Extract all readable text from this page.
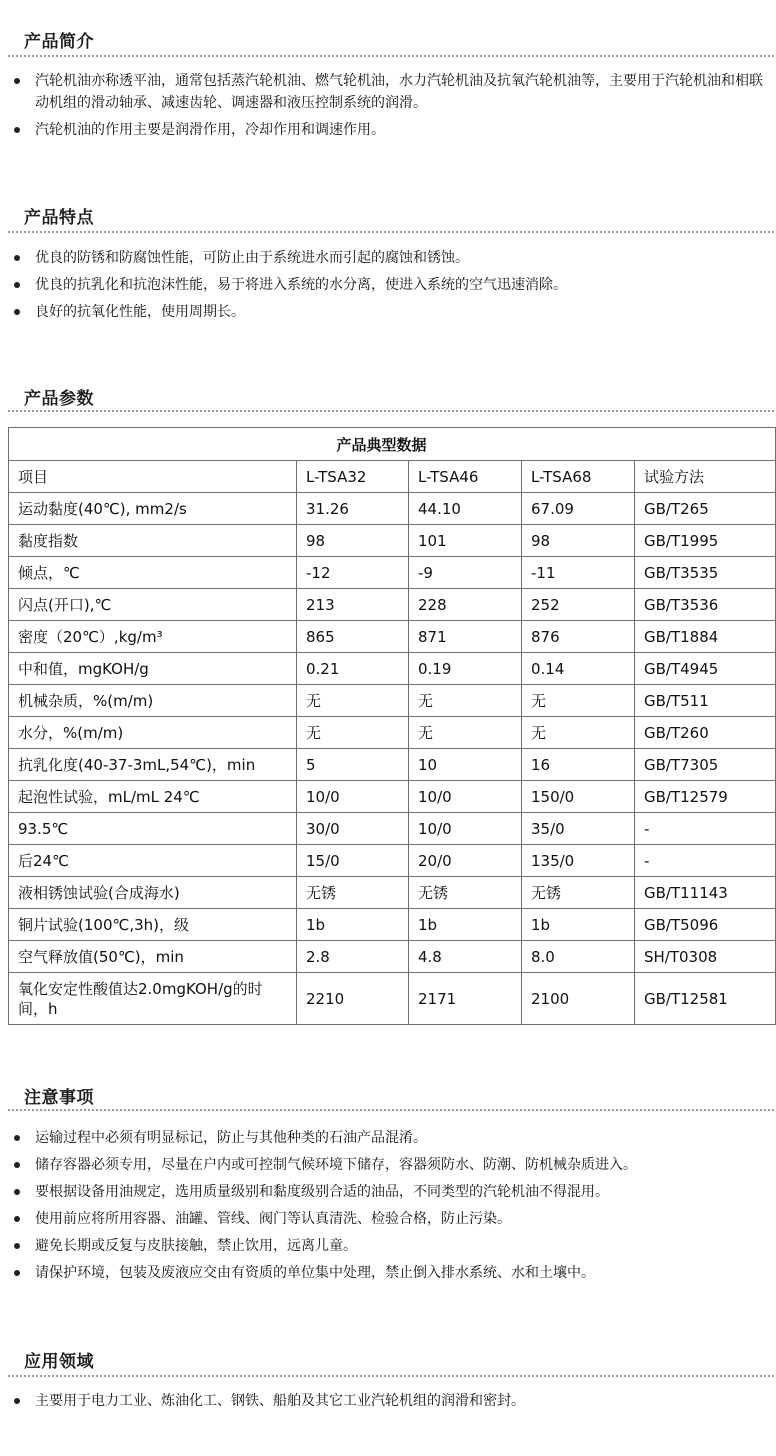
产品简介
汽轮机油亦称透平油，通常包括蒸汽轮机油、燃气轮机油，水力汽轮机油及抗氧汽轮机油等，主要用于汽轮机油和相联动机组的滑动轴承、减速齿轮、调速器和液压控制系统的润滑。
汽轮机油的作用主要是润滑作用，冷却作用和调速作用。
产品特点
优良的防锈和防腐蚀性能，可防止由于系统进水而引起的腐蚀和锈蚀。
优良的抗乳化和抗泡沫性能，易于将进入系统的水分离，使进入系统的空气迅速消除。
良好的抗氧化性能，使用周期长。
产品参数
	产品典型数据			
项目	L-TSA32	L-TSA46	L-TSA68	试验方法
运动黏度(40℃), mm2/s	31.26	44.10	67.09	GB/T265
黏度指数	98	101	98	GB/T1995
倾点，℃	-12	-9	-11	GB/T3535
闪点(开口),℃	213	228	252	GB/T3536
密度（20℃）,kg/m³	865	871	876	GB/T1884
中和值，mgKOH/g	0.21	0.19	0.14	GB/T4945
机械杂质，%(m/m)	无	无	无	GB/T511
水分，%(m/m)	无	无	无	GB/T260
抗乳化度(40-37-3mL,54℃)，min	5	10	16	GB/T7305
起泡性试验，mL/mL 24℃	10/0	10/0	150/0	GB/T12579
93.5℃	30/0	10/0	35/0	-
后24℃	15/0	20/0	135/0	-
液相锈蚀试验(合成海水)	无锈	无锈	无锈	GB/T11143
铜片试验(100℃,3h)，级	1b	1b	1b	GB/T5096
空气释放值(50℃)，min	2.8	4.8	8.0	SH/T0308
氧化安定性酸值达2.0mgKOH/g的时间，h	2210	2171	2100	GB/T12581
注意事项
运输过程中必须有明显标记，防止与其他种类的石油产品混淆。
储存容器必须专用，尽量在户内或可控制气候环境下储存，容器须防水、防潮、防机械杂质进入。
要根据设备用油规定，选用质量级别和黏度级别合适的油品，不同类型的汽轮机油不得混用。
使用前应将所用容器、油罐、管线、阀门等认真清洗、检验合格，防止污染。
避免长期或反复与皮肤接触，禁止饮用，远离儿童。
请保护环境，包装及废液应交由有资质的单位集中处理，禁止倒入排水系统、水和土壤中。
应用领域
主要用于电力工业、炼油化工、钢铁、船舶及其它工业汽轮机组的润滑和密封。
